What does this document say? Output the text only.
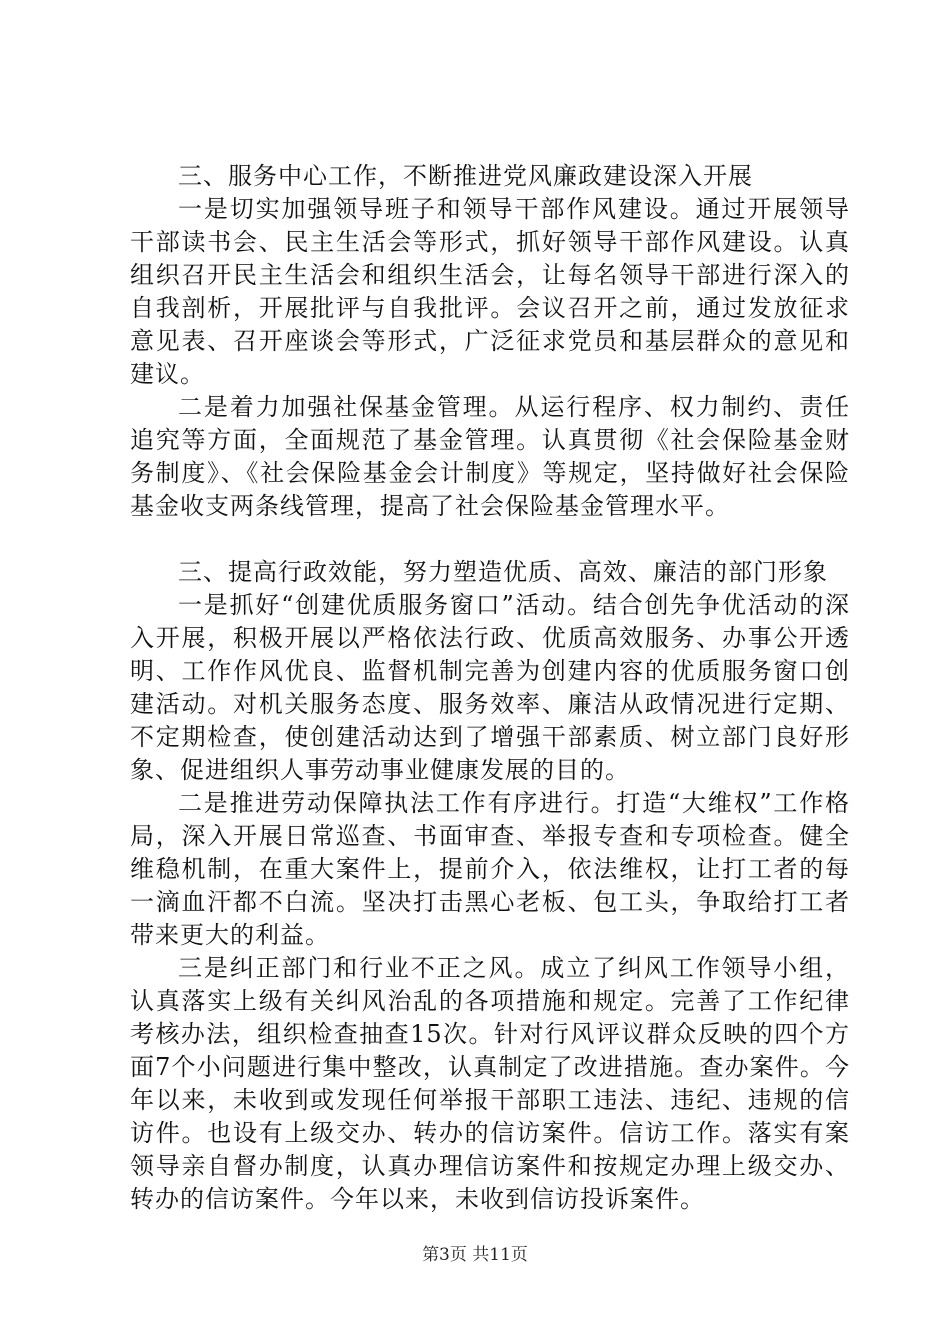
三、服务中心工作，不断推进党风廉政建设深入开展

一是切实加强领导班子和领导干部作风建设。通过开展领导干部读书会、民主生活会等形式，抓好领导干部作风建设。认真组织召开民主生活会和组织生活会，让每名领导干部进行深入的自我剖析，开展批评与自我批评。会议召开之前，通过发放征求意见表、召开座谈会等形式，广泛征求党员和基层群众的意见和建议。

二是着力加强社保基金管理。从运行程序、权力制约、责任追究等方面，全面规范了基金管理。认真贯彻《社会保险基金财务制度》、《社会保险基金会计制度》等规定，坚持做好社会保险基金收支两条线管理，提高了社会保险基金管理水平。

三、提高行政效能，努力塑造优质、高效、廉洁的部门形象

一是抓好“创建优质服务窗口”活动。结合创先争优活动的深入开展，积极开展以严格依法行政、优质高效服务、办事公开透明、工作作风优良、监督机制完善为创建内容的优质服务窗口创建活动。对机关服务态度、服务效率、廉洁从政情况进行定期、不定期检查，使创建活动达到了增强干部素质、树立部门良好形象、促进组织人事劳动事业健康发展的目的。

二是推进劳动保障执法工作有序进行。打造“大维权”工作格局，深入开展日常巡查、书面审查、举报专查和专项检查。健全维稳机制，在重大案件上，提前介入，依法维权，让打工者的每一滴血汗都不白流。坚决打击黑心老板、包工头，争取给打工者带来更大的利益。

三是纠正部门和行业不正之风。成立了纠风工作领导小组，认真落实上级有关纠风治乱的各项措施和规定。完善了工作纪律考核办法，组织检查抽查15次。针对行风评议群众反映的四个方面7个小问题进行集中整改，认真制定了改进措施。查办案件。今年以来，未收到或发现任何举报干部职工违法、违纪、违规的信访件。也设有上级交办、转办的信访案件。信访工作。落实有案领导亲自督办制度，认真办理信访案件和按规定办理上级交办、转办的信访案件。今年以来，未收到信访投诉案件。

第3页 共11页
